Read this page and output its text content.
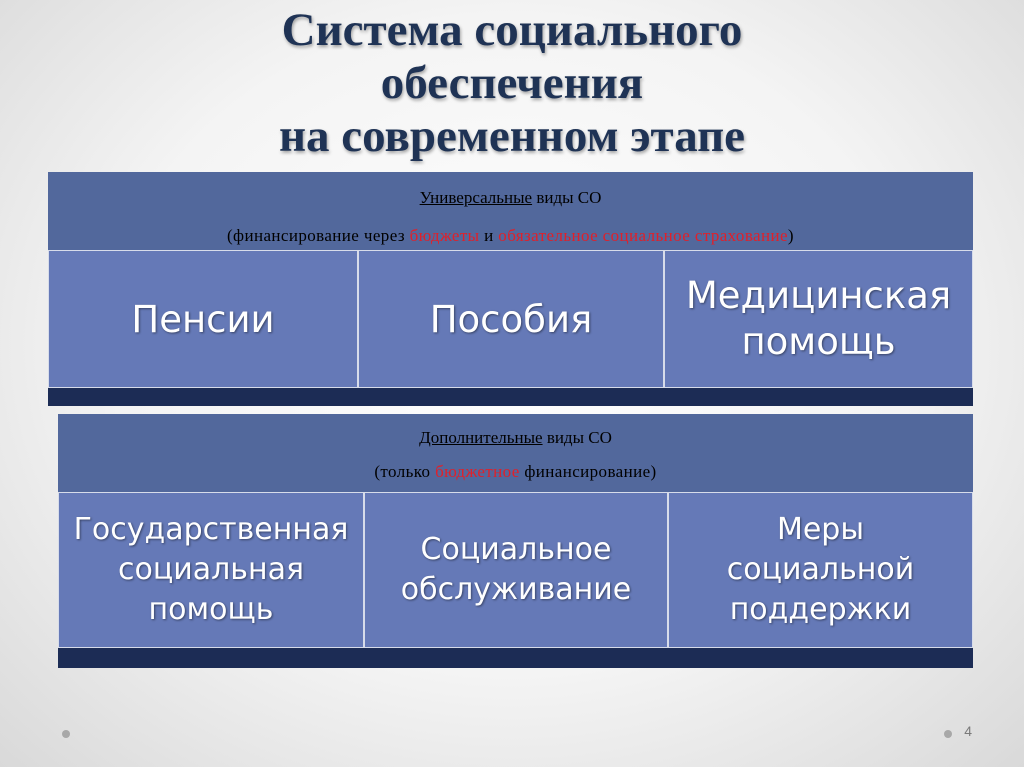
Система социального
обеспечения
на современном этапе
Универсальные виды СО
(финансирование через бюджеты и обязательное социальное страхование)
Пенсии	Пособия
Медицинская помощь
Дополнительные виды СО
(только бюджетное финансирование)
Государственная социальная помощь
Социальное обслуживание
Меры социальной поддержки
4
